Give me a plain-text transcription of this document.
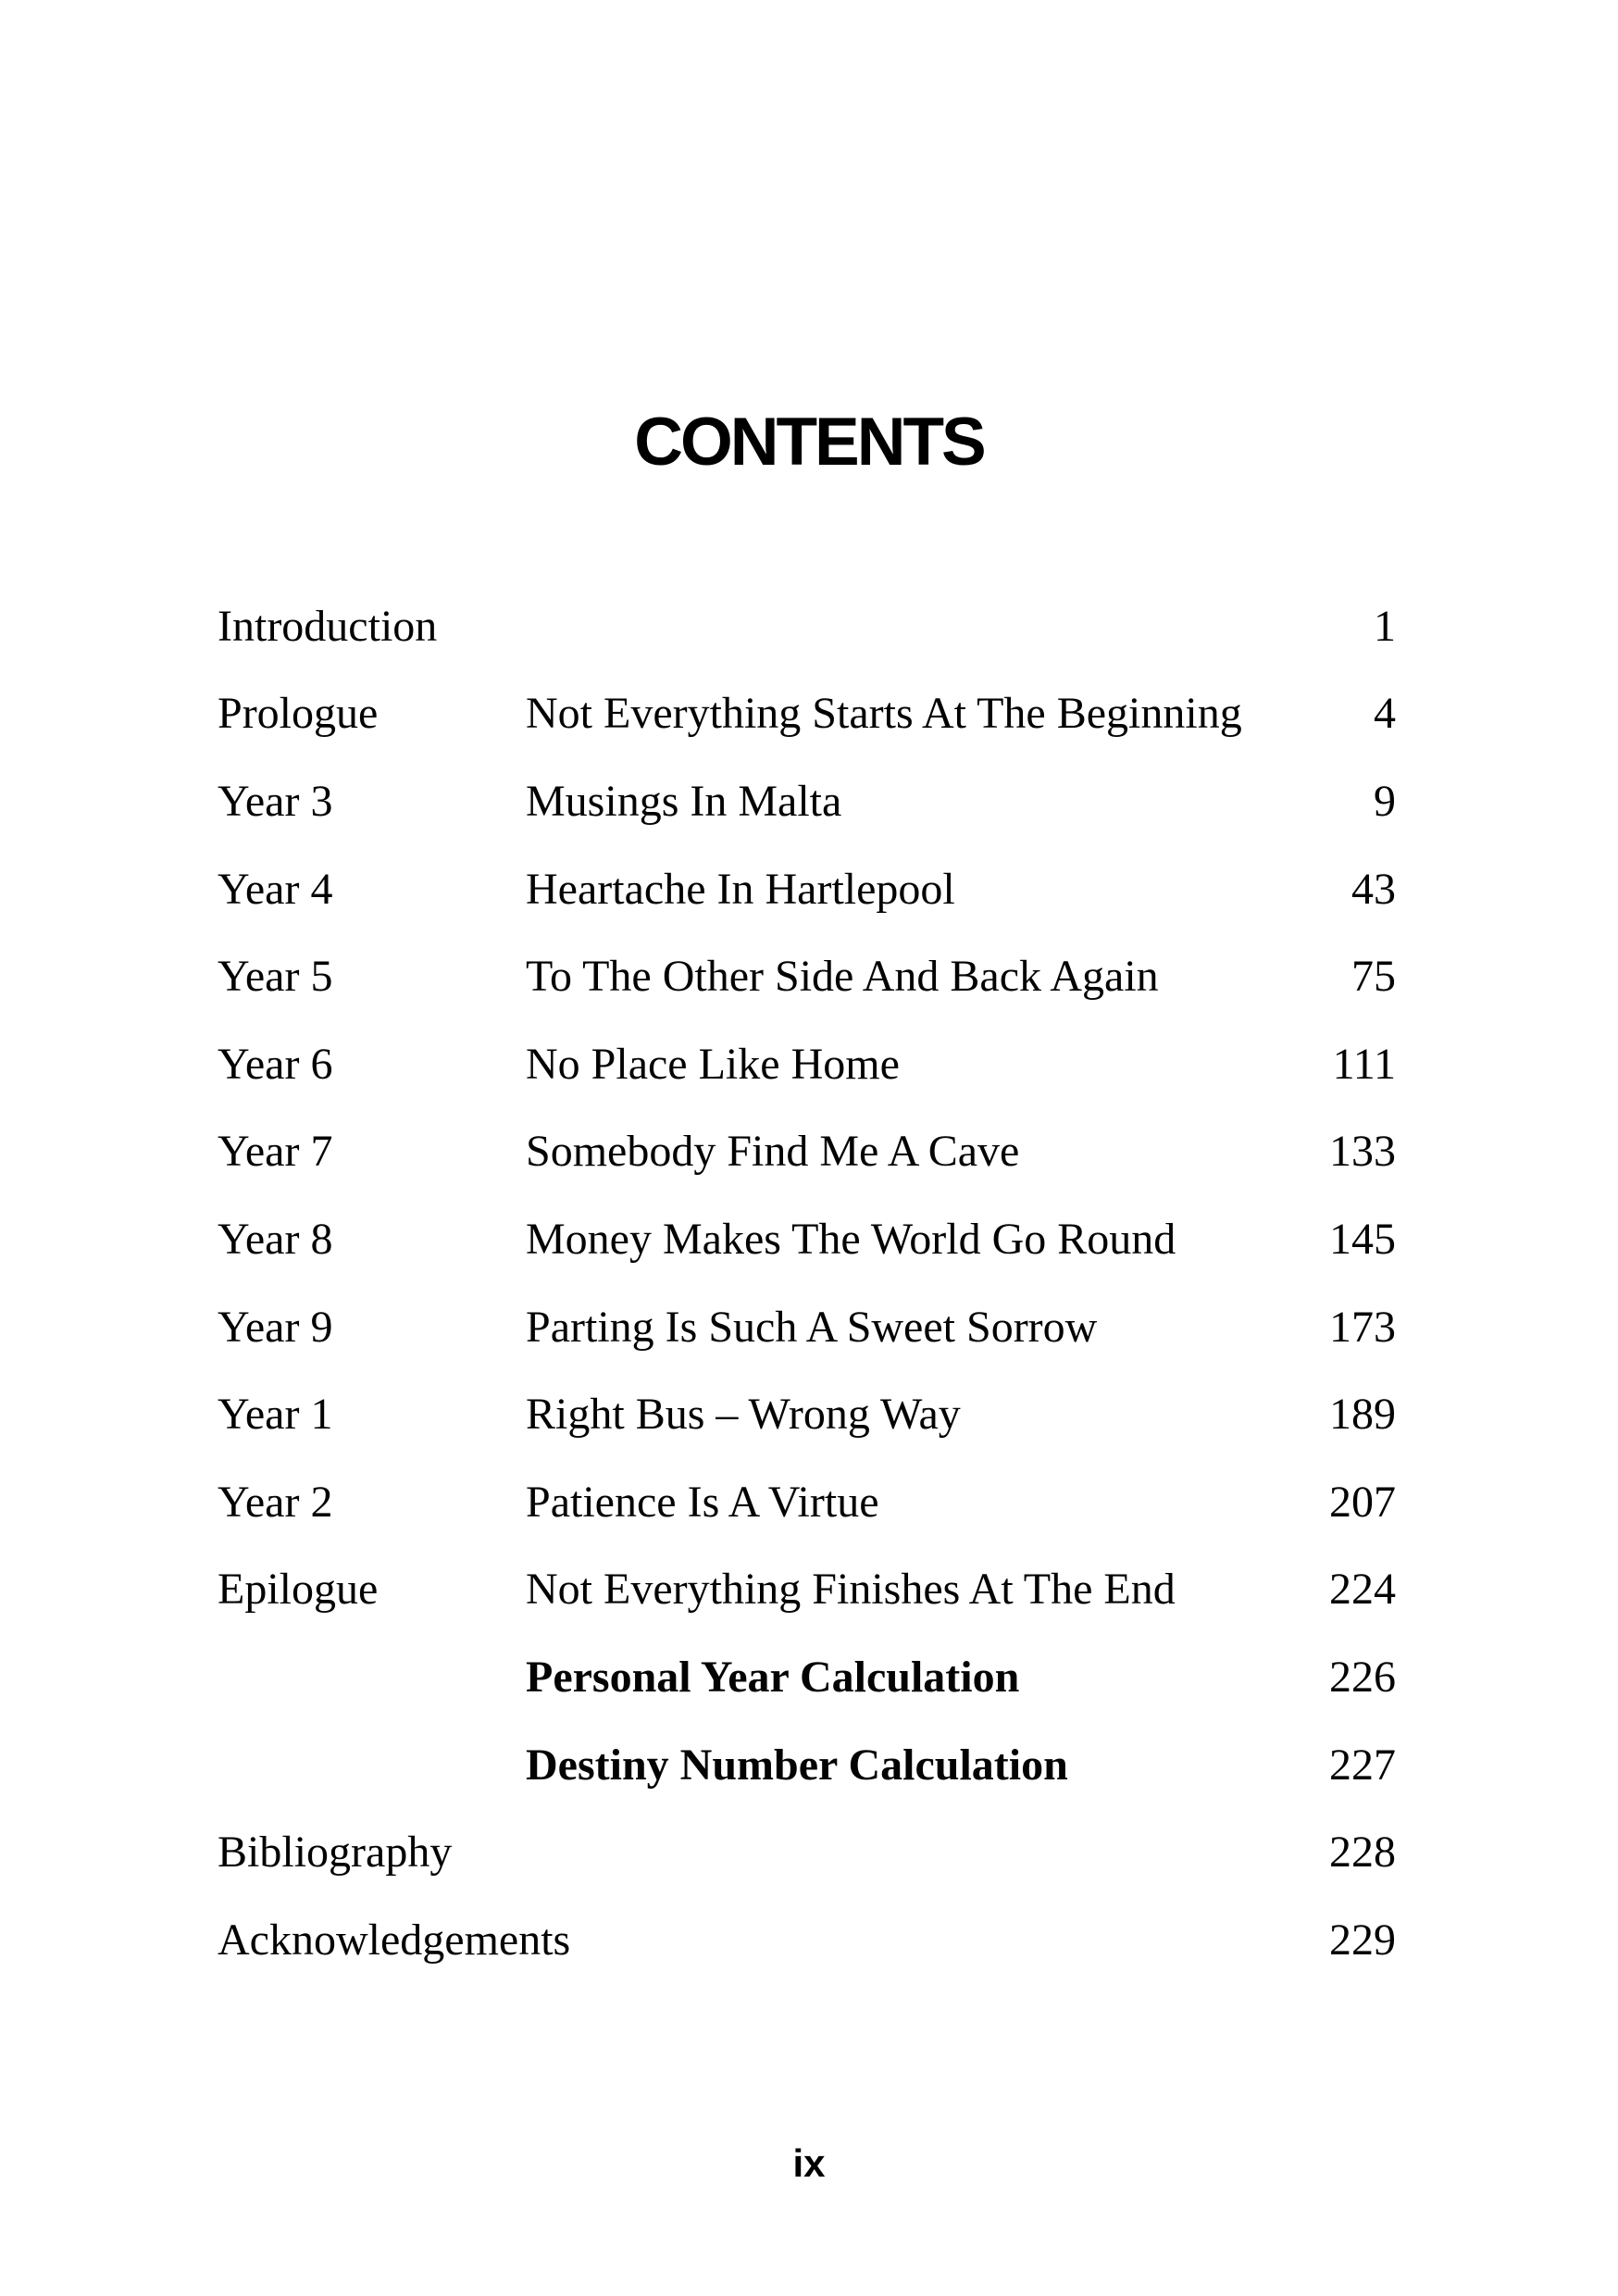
CONTENTS
Introduction	1
Prologue	Not Everything Starts At The Beginning	4
Year 3	Musings In Malta	9
Year 4	Heartache In Hartlepool	43
Year 5	To The Other Side And Back Again	75
Year 6	No Place Like Home	111
Year 7	Somebody Find Me A Cave	133
Year 8	Money Makes The World Go Round	145
Year 9	Parting Is Such A Sweet Sorrow	173
Year 1	Right Bus – Wrong Way	189
Year 2	Patience Is A Virtue	207
Epilogue	Not Everything Finishes At The End	224
Personal Year Calculation	226
Destiny Number Calculation	227
Bibliography	228
Acknowledgements	229
ix
